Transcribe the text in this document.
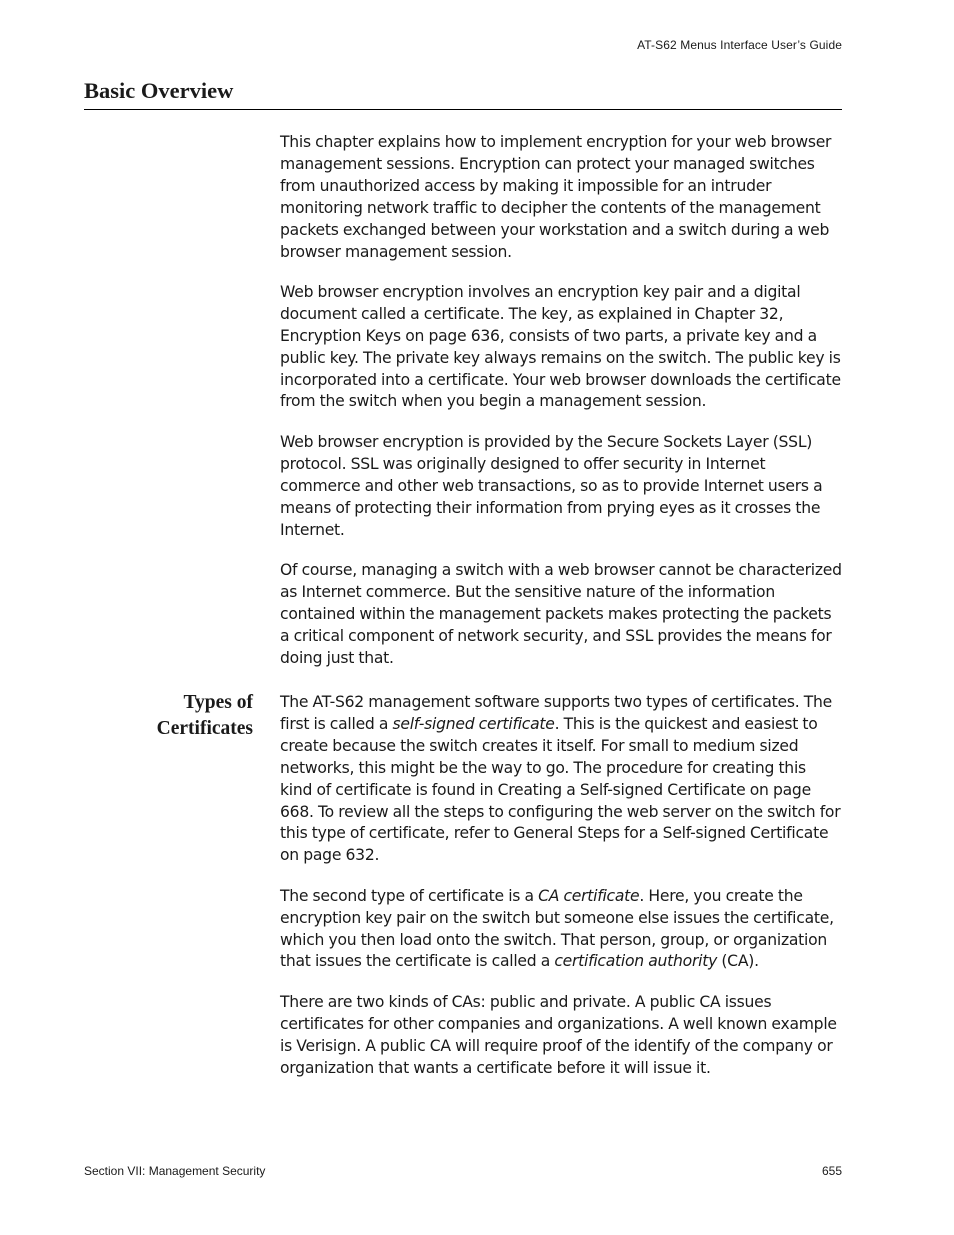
AT-S62 Menus Interface User’s Guide
Basic Overview

This chapter explains how to implement encryption for your web browser management sessions. Encryption can protect your managed switches from unauthorized access by making it impossible for an intruder monitoring network traffic to decipher the contents of the management packets exchanged between your workstation and a switch during a web browser management session.

Web browser encryption involves an encryption key pair and a digital document called a certificate. The key, as explained in Chapter 32, Encryption Keys on page 636, consists of two parts, a private key and a public key. The private key always remains on the switch. The public key is incorporated into a certificate. Your web browser downloads the certificate from the switch when you begin a management session.

Web browser encryption is provided by the Secure Sockets Layer (SSL) protocol. SSL was originally designed to offer security in Internet commerce and other web transactions, so as to provide Internet users a means of protecting their information from prying eyes as it crosses the Internet.

Of course, managing a switch with a web browser cannot be characterized as Internet commerce. But the sensitive nature of the information contained within the management packets makes protecting the packets a critical component of network security, and SSL provides the means for doing just that.

Types of
Certificates

The AT-S62 management software supports two types of certificates. The first is called a self-signed certificate. This is the quickest and easiest to create because the switch creates it itself. For small to medium sized networks, this might be the way to go. The procedure for creating this kind of certificate is found in Creating a Self-signed Certificate on page 668. To review all the steps to configuring the web server on the switch for this type of certificate, refer to General Steps for a Self-signed Certificate on page 632.

The second type of certificate is a CA certificate. Here, you create the encryption key pair on the switch but someone else issues the certificate, which you then load onto the switch. That person, group, or organization that issues the certificate is called a certification authority (CA).

There are two kinds of CAs: public and private. A public CA issues certificates for other companies and organizations. A well known example is Verisign. A public CA will require proof of the identify of the company or organization that wants a certificate before it will issue it.

Section VII: Management Security	655
